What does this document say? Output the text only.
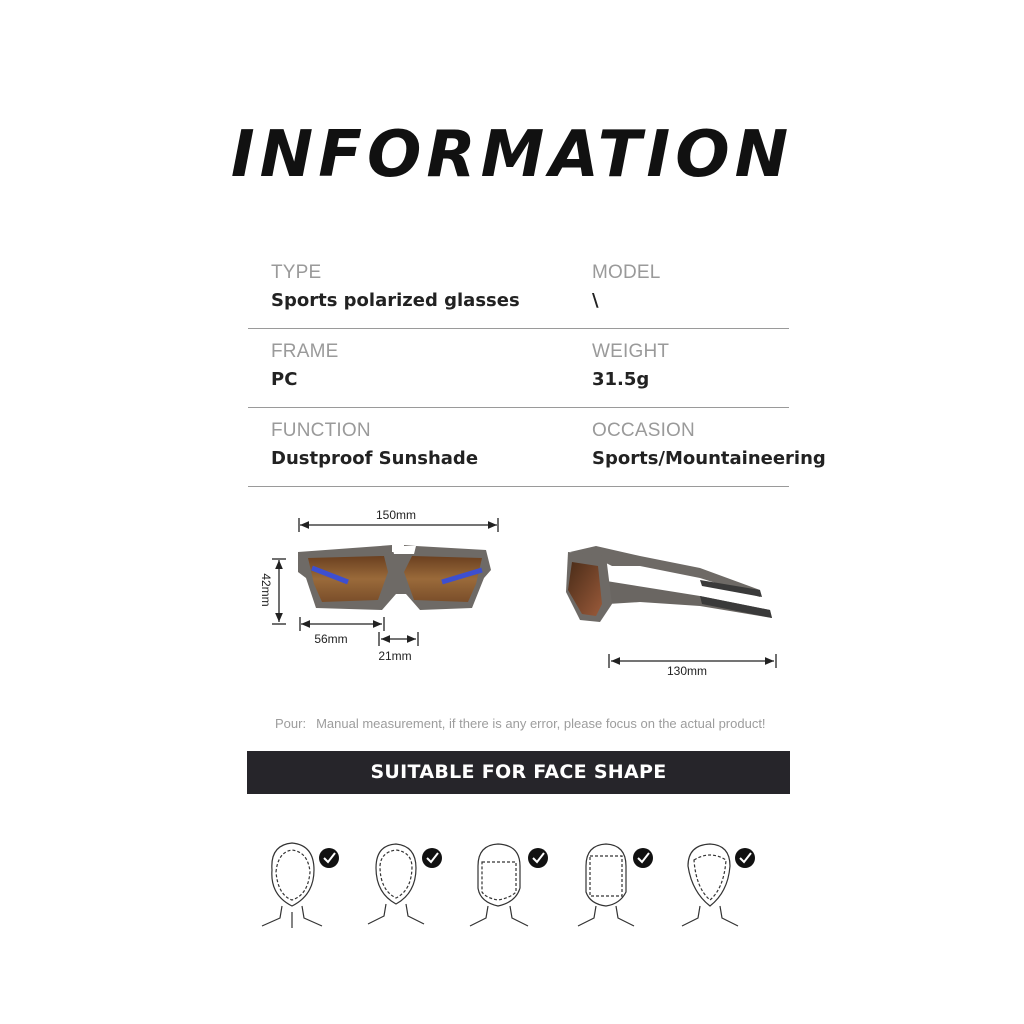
INFORMATION
TYPE
Sports polarized glasses
MODEL
\
FRAME
PC
WEIGHT
31.5g
FUNCTION
Dustproof Sunshade
OCCASION
Sports/Mountaineering
150mm
42mm
56mm
21mm
130mm
Pour: Manual measurement, if there is any error, please focus on the actual product!
SUITABLE FOR FACE SHAPE
